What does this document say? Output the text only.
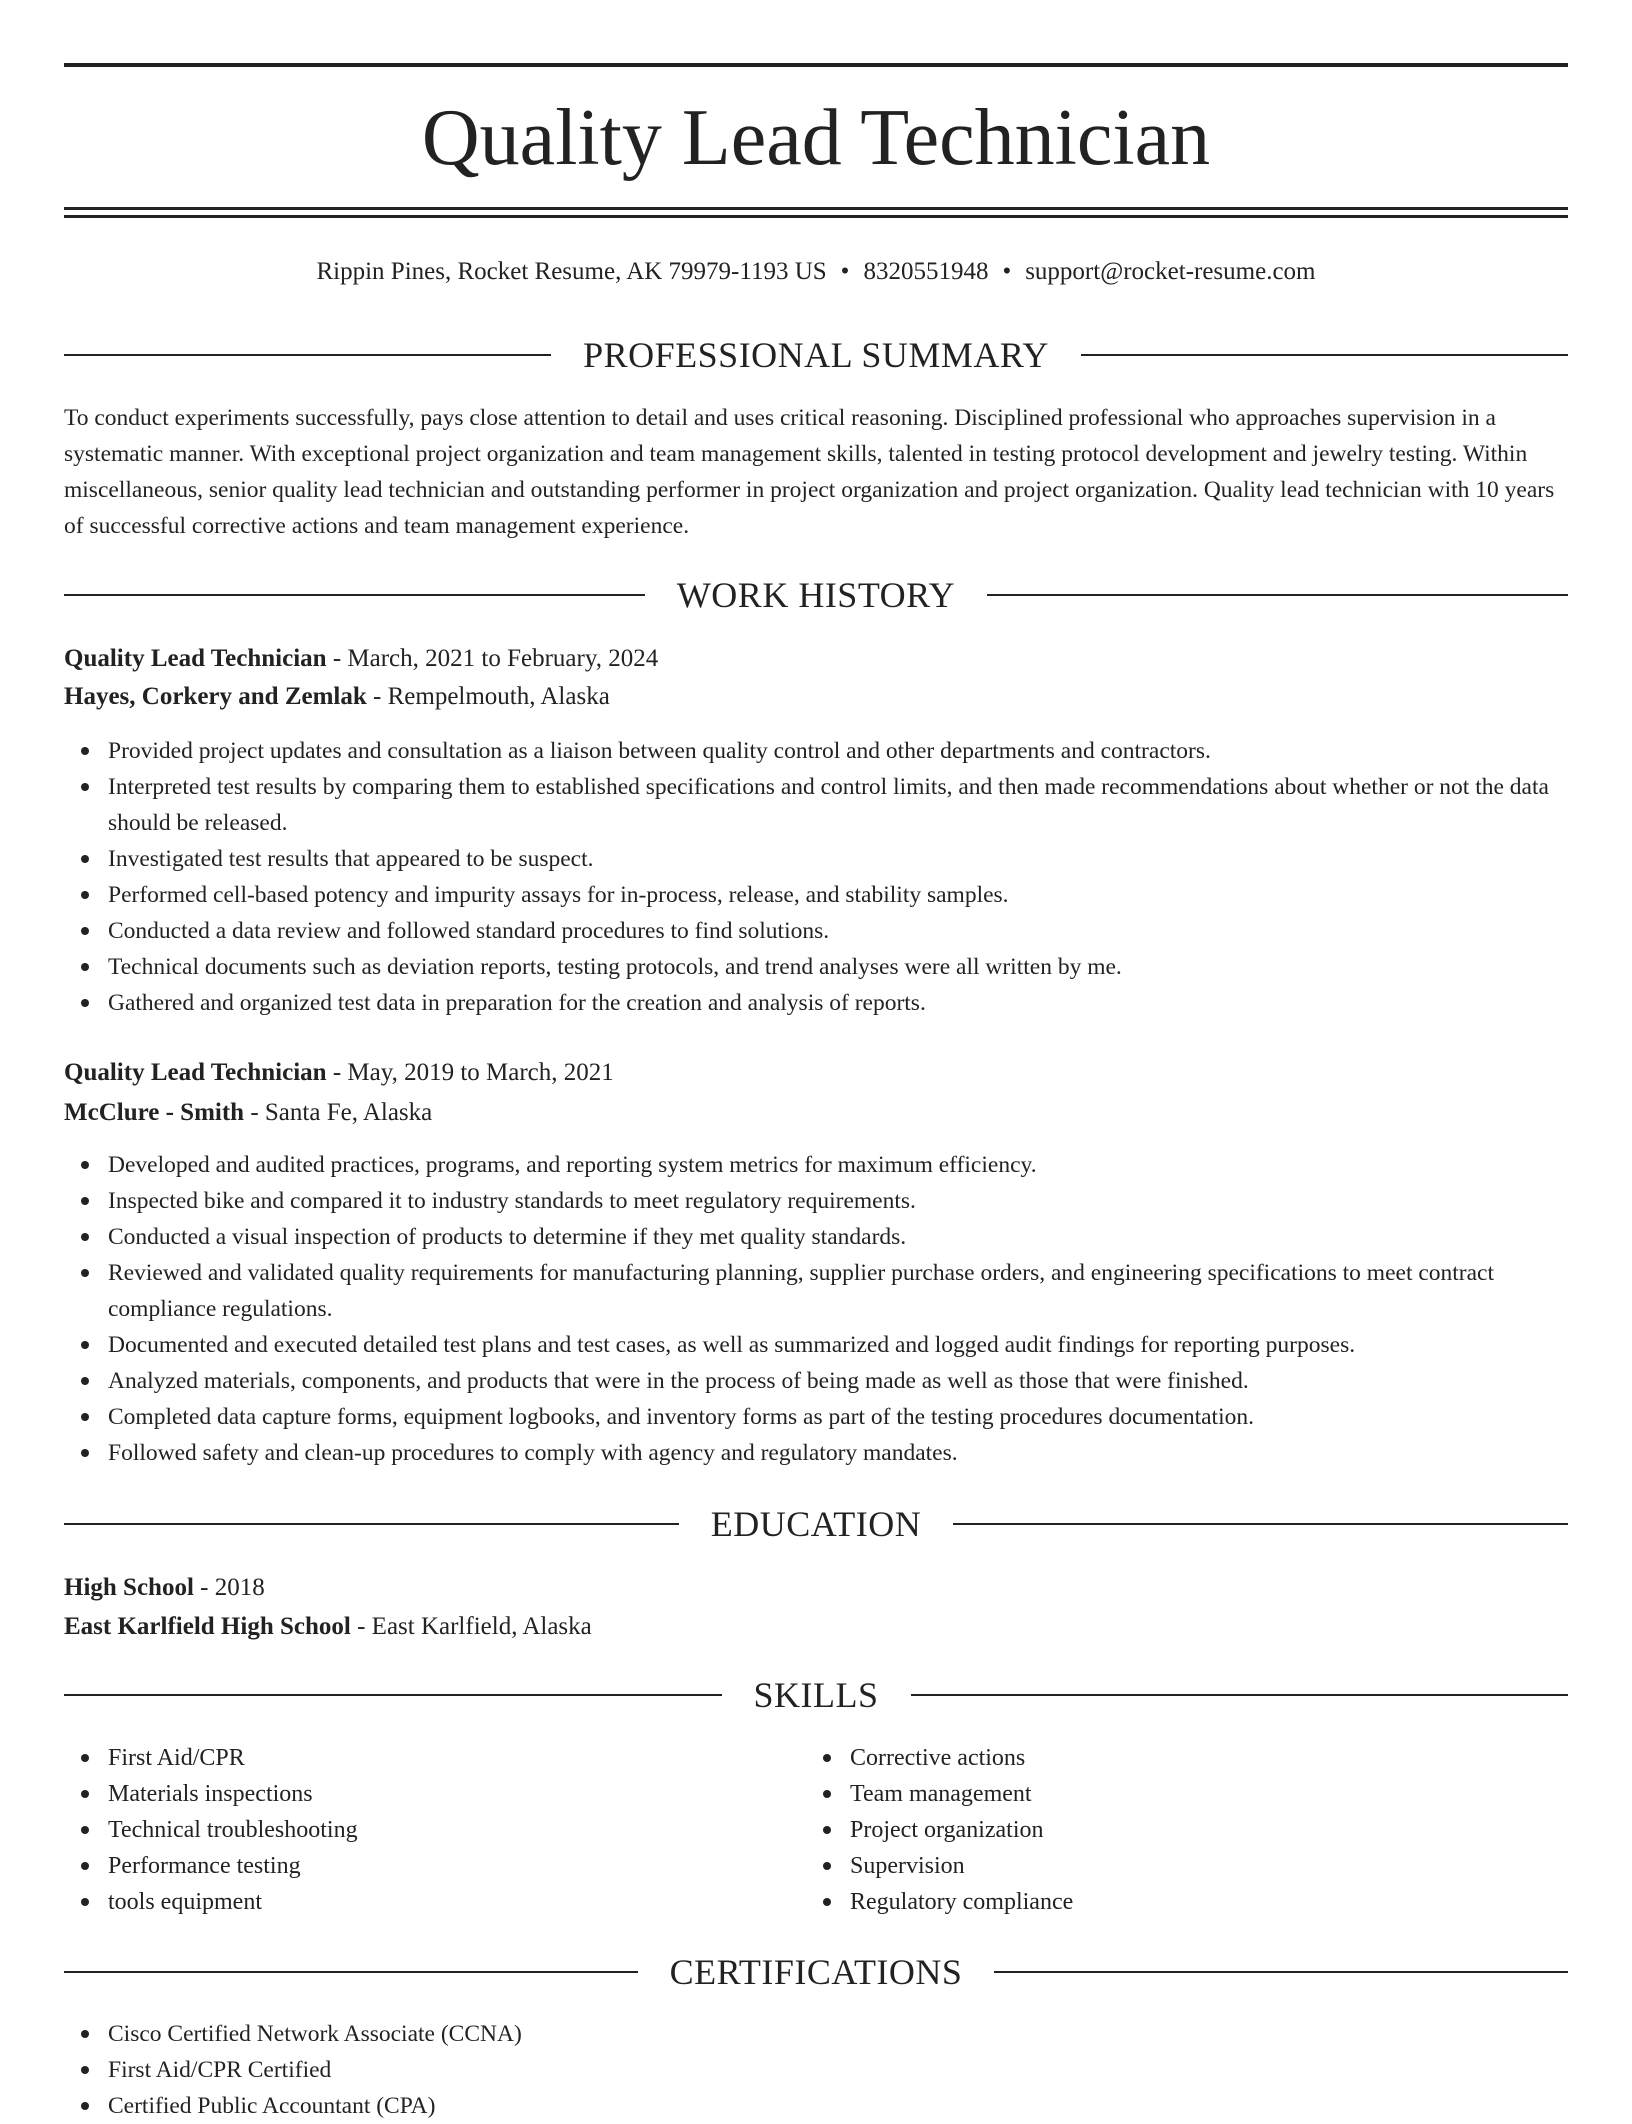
Quality Lead Technician
Rippin Pines, Rocket Resume, AK 79979-1193 US • 8320551948 • support@rocket-resume.com
PROFESSIONAL SUMMARY

To conduct experiments successfully, pays close attention to detail and uses critical reasoning. Disciplined professional who approaches supervision in a systematic manner. With exceptional project organization and team management skills, talented in testing protocol development and jewelry testing. Within miscellaneous, senior quality lead technician and outstanding performer in project organization and project organization. Quality lead technician with 10 years of successful corrective actions and team management experience.

WORK HISTORY
Quality Lead Technician - March, 2021 to February, 2024
Hayes, Corkery and Zemlak - Rempelmouth, Alaska
Provided project updates and consultation as a liaison between quality control and other departments and contractors.
Interpreted test results by comparing them to established specifications and control limits, and then made recommendations about whether or not the data should be released.
Investigated test results that appeared to be suspect.
Performed cell-based potency and impurity assays for in-process, release, and stability samples.
Conducted a data review and followed standard procedures to find solutions.
Technical documents such as deviation reports, testing protocols, and trend analyses were all written by me.
Gathered and organized test data in preparation for the creation and analysis of reports.
Quality Lead Technician - May, 2019 to March, 2021
McClure - Smith - Santa Fe, Alaska
Developed and audited practices, programs, and reporting system metrics for maximum efficiency.
Inspected bike and compared it to industry standards to meet regulatory requirements.
Conducted a visual inspection of products to determine if they met quality standards.
Reviewed and validated quality requirements for manufacturing planning, supplier purchase orders, and engineering specifications to meet contract compliance regulations.
Documented and executed detailed test plans and test cases, as well as summarized and logged audit findings for reporting purposes.
Analyzed materials, components, and products that were in the process of being made as well as those that were finished.
Completed data capture forms, equipment logbooks, and inventory forms as part of the testing procedures documentation.
Followed safety and clean-up procedures to comply with agency and regulatory mandates.
EDUCATION
High School - 2018
East Karlfield High School - East Karlfield, Alaska
SKILLS
First Aid/CPR
Materials inspections
Technical troubleshooting
Performance testing
tools equipment
Corrective actions
Team management
Project organization
Supervision
Regulatory compliance
CERTIFICATIONS
Cisco Certified Network Associate (CCNA)
First Aid/CPR Certified
Certified Public Accountant (CPA)
